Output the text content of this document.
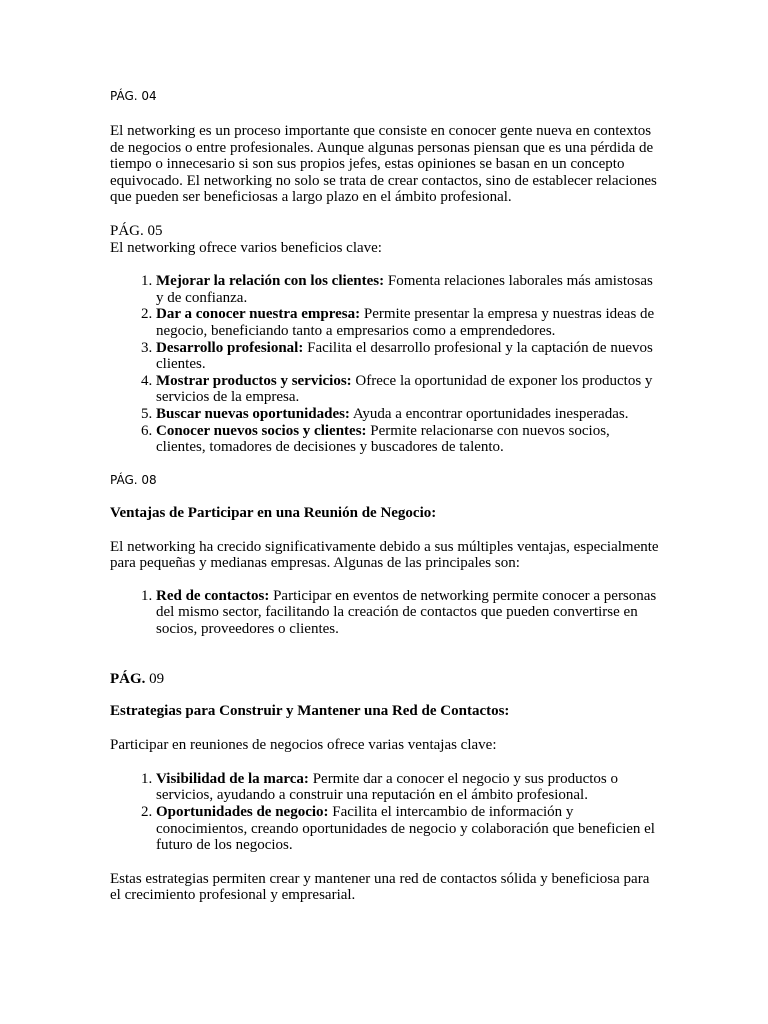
PÁG. 04

El networking es un proceso importante que consiste en conocer gente nueva en contextos de negocios o entre profesionales. Aunque algunas personas piensan que es una pérdida de tiempo o innecesario si son sus propios jefes, estas opiniones se basan en un concepto equivocado. El networking no solo se trata de crear contactos, sino de establecer relaciones que pueden ser beneficiosas a largo plazo en el ámbito profesional.

PÁG. 05

El networking ofrece varios beneficios clave:

1. Mejorar la relación con los clientes: Fomenta relaciones laborales más amistosas y de confianza.
2. Dar a conocer nuestra empresa: Permite presentar la empresa y nuestras ideas de negocio, beneficiando tanto a empresarios como a emprendedores.
3. Desarrollo profesional: Facilita el desarrollo profesional y la captación de nuevos clientes.
4. Mostrar productos y servicios: Ofrece la oportunidad de exponer los productos y servicios de la empresa.
5. Buscar nuevas oportunidades: Ayuda a encontrar oportunidades inesperadas.
6. Conocer nuevos socios y clientes: Permite relacionarse con nuevos socios, clientes, tomadores de decisiones y buscadores de talento.
PÁG. 08
Ventajas de Participar en una Reunión de Negocio:

El networking ha crecido significativamente debido a sus múltiples ventajas, especialmente para pequeñas y medianas empresas. Algunas de las principales son:

1. Red de contactos: Participar en eventos de networking permite conocer a personas del mismo sector, facilitando la creación de contactos que pueden convertirse en socios, proveedores o clientes.

PÁG. 09

Estrategias para Construir y Mantener una Red de Contactos:

Participar en reuniones de negocios ofrece varias ventajas clave:

1. Visibilidad de la marca: Permite dar a conocer el negocio y sus productos o servicios, ayudando a construir una reputación en el ámbito profesional.
2. Oportunidades de negocio: Facilita el intercambio de información y conocimientos, creando oportunidades de negocio y colaboración que beneficien el futuro de los negocios.

Estas estrategias permiten crear y mantener una red de contactos sólida y beneficiosa para el crecimiento profesional y empresarial.
